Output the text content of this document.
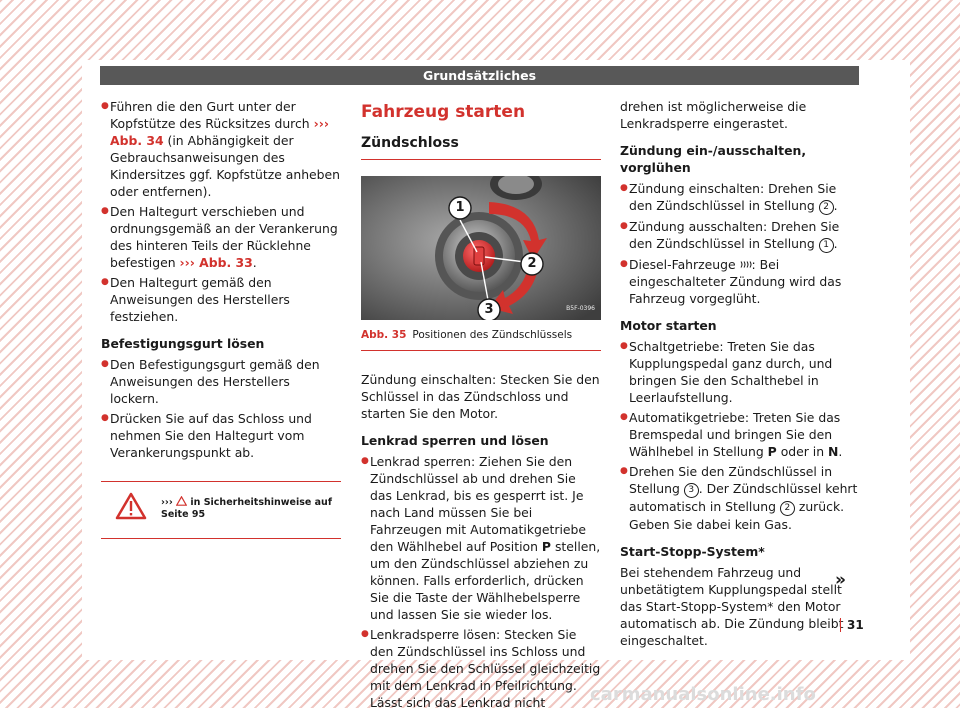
Grundsätzliches
● Führen die den Gurt unter der Kopfstütze des Rücksitzes durch ››› Abb. 34 (in Abhängigkeit der Gebrauchsanweisungen des Kindersitzes ggf. Kopfstütze anheben oder entfernen).
● Den Haltegurt verschieben und ordnungsgemäß an der Verankerung des hinteren Teils der Rücklehne befestigen ››› Abb. 33.
● Den Haltegurt gemäß den Anweisungen des Herstellers festziehen.
Befestigungsgurt lösen
● Den Befestigungsgurt gemäß den Anweisungen des Herstellers lockern.
● Drücken Sie auf das Schloss und nehmen Sie den Haltegurt vom Verankerungspunkt ab.
›››  in Sicherheitshinweise auf
Seite 95
Fahrzeug starten
Zündschloss
1
2
3	B5F-0396
Abb. 35 Positionen des Zündschlüssels

Zündung einschalten: Stecken Sie den Schlüssel in das Zündschloss und starten Sie den Motor.

Lenkrad sperren und lösen
● Lenkrad sperren: Ziehen Sie den Zündschlüssel ab und drehen Sie das Lenkrad, bis es gesperrt ist. Je nach Land müssen Sie bei Fahrzeugen mit Automatikgetriebe den Wählhebel auf Position P stellen, um den Zündschlüssel abziehen zu können. Falls erforderlich, drücken Sie die Taste der Wählhebelsperre und lassen Sie sie wieder los.
● Lenkradsperre lösen: Stecken Sie den Zündschlüssel ins Schloss und drehen Sie den Schlüssel gleichzeitig mit dem Lenkrad in Pfeilrichtung. Lässt sich das Lenkrad nicht

drehen ist möglicherweise die Lenkradsperre eingerastet.

Zündung ein-/ausschalten, vorglühen
● Zündung einschalten: Drehen Sie den Zündschlüssel in Stellung 2 .
● Zündung ausschalten: Drehen Sie den Zündschlüssel in Stellung 1 .
● Diesel-Fahrzeuge : Bei eingeschalteter Zündung wird das Fahrzeug vorgeglüht.
Motor starten
● Schaltgetriebe: Treten Sie das Kupplungspedal ganz durch, und bringen Sie den Schalthebel in Leerlaufstellung.
● Automatikgetriebe: Treten Sie das Bremspedal und bringen Sie den Wählhebel in Stellung P oder in N.
● Drehen Sie den Zündschlüssel in Stellung 3 . Der Zündschlüssel kehrt automatisch in Stellung 2 zurück. Geben Sie dabei kein Gas.
Start-Stopp-System*

Bei stehendem Fahrzeug und unbetätigtem Kupplungspedal stellt das Start-Stopp-System* den Motor automatisch ab. Die Zündung bleibt eingeschaltet.

»
31
carmanualsonline.info
